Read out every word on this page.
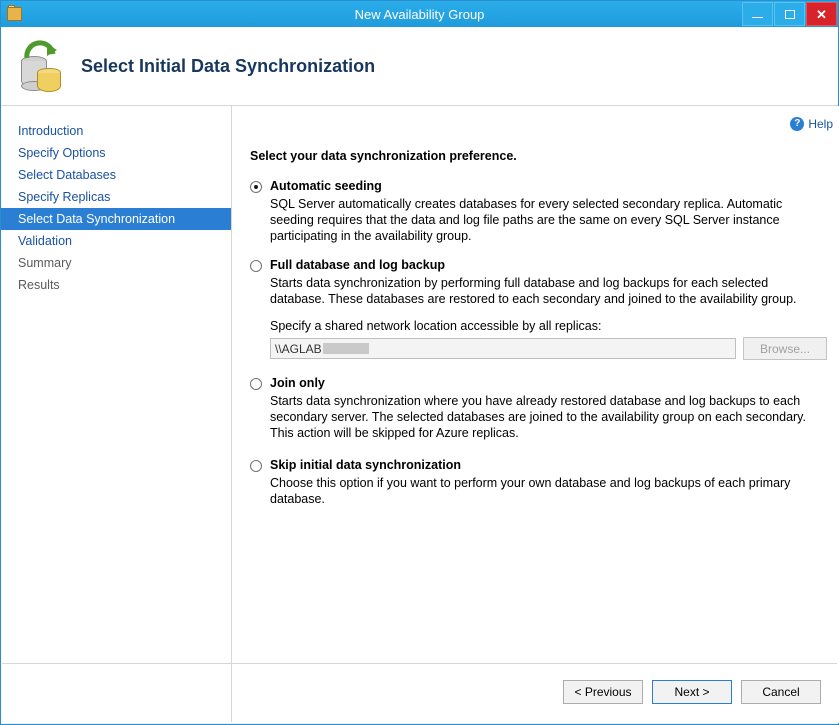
New Availability Group	✕
Select Initial Data Synchronization
Introduction
Specify Options
Select Databases
Specify Replicas
Select Data Synchronization
Validation
Summary
Results
? Help
Select your data synchronization preference.
Automatic seeding
SQL Server automatically creates databases for every selected secondary replica. Automatic seeding requires that the data and log file paths are the same on every SQL Server instance participating in the availability group.
Full database and log backup
Starts data synchronization by performing full database and log backups for each selected database. These databases are restored to each secondary and joined to the availability group.
Specify a shared network location accessible by all replicas:
\\AGLAB	Browse...
Join only
Starts data synchronization where you have already restored database and log backups to each secondary server. The selected databases are joined to the availability group on each secondary. This action will be skipped for Azure replicas.
Skip initial data synchronization
Choose this option if you want to perform your own database and log backups of each primary database.
< Previous	Next >	Cancel
